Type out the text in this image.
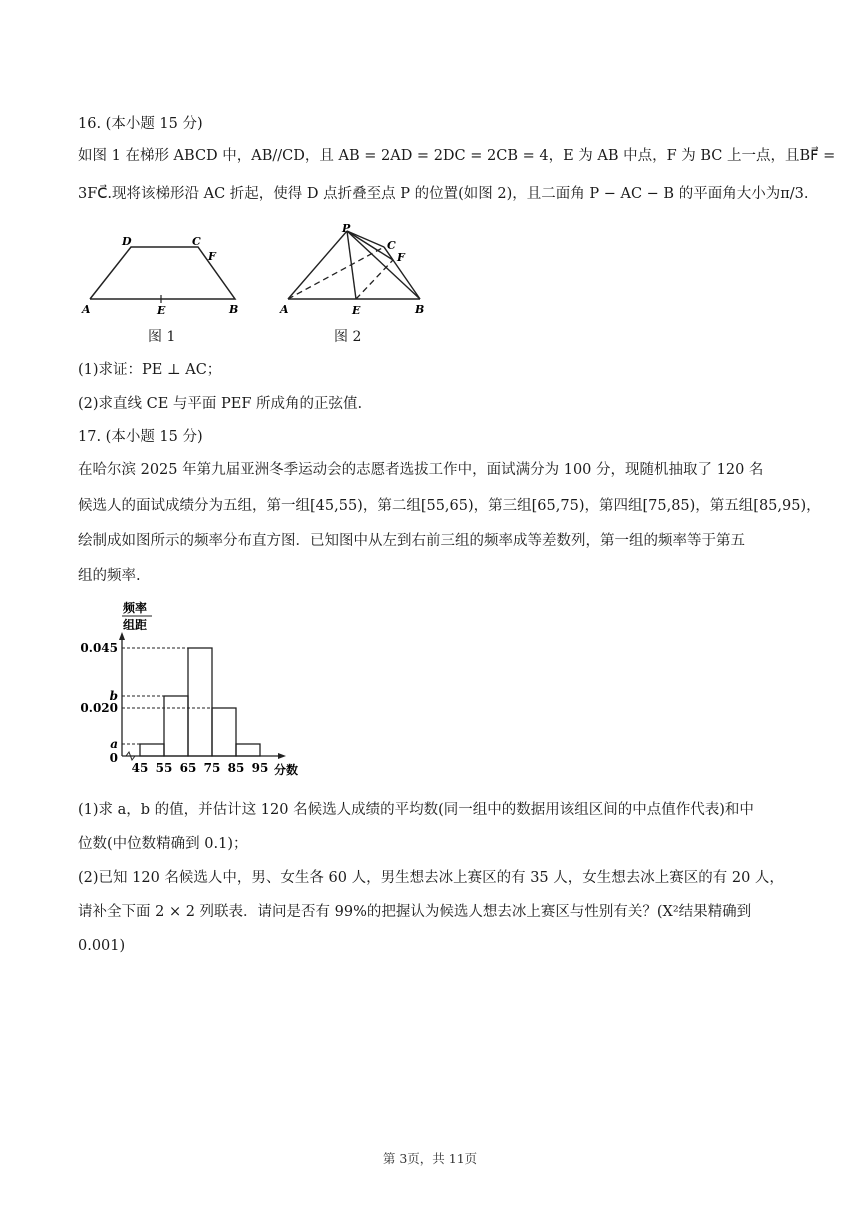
16. (本小题 15 分)
如图 1 在梯形 ABCD 中，AB//CD，且 AB = 2AD = 2DC = 2CB = 4，E 为 AB 中点，F 为 BC 上一点，且BF⃗ =
3FC⃗.现将该梯形沿 AC 折起，使得 D 点折叠至点 P 的位置(如图 2)，且二面角 P − AC − B 的平面角大小为π/3.
D	C
F
A	E	B
图 1
P
C
F
A	E	B
图 2
(1)求证：PE ⊥ AC；
(2)求直线 CE 与平面 PEF 所成角的正弦值.
17. (本小题 15 分)
在哈尔滨 2025 年第九届亚洲冬季运动会的志愿者选拔工作中，面试满分为 100 分，现随机抽取了 120 名
候选人的面试成绩分为五组，第一组[45,55)，第二组[55,65)，第三组[65,75)，第四组[75,85)，第五组[85,95)，
绘制成如图所示的频率分布直方图．已知图中从左到右前三组的频率成等差数列，第一组的频率等于第五
组的频率.
频率
组距
分数
0.045
b
0.020
a
0
45 55 65 75 85 95
(1)求 a，b 的值，并估计这 120 名候选人成绩的平均数(同一组中的数据用该组区间的中点值作代表)和中
位数(中位数精确到 0.1)；
(2)已知 120 名候选人中，男、女生各 60 人，男生想去冰上赛区的有 35 人，女生想去冰上赛区的有 20 人，
请补全下面 2 × 2 列联表．请问是否有 99%的把握认为候选人想去冰上赛区与性别有关？(X²结果精确到
0.001)
第 3页，共 11页
